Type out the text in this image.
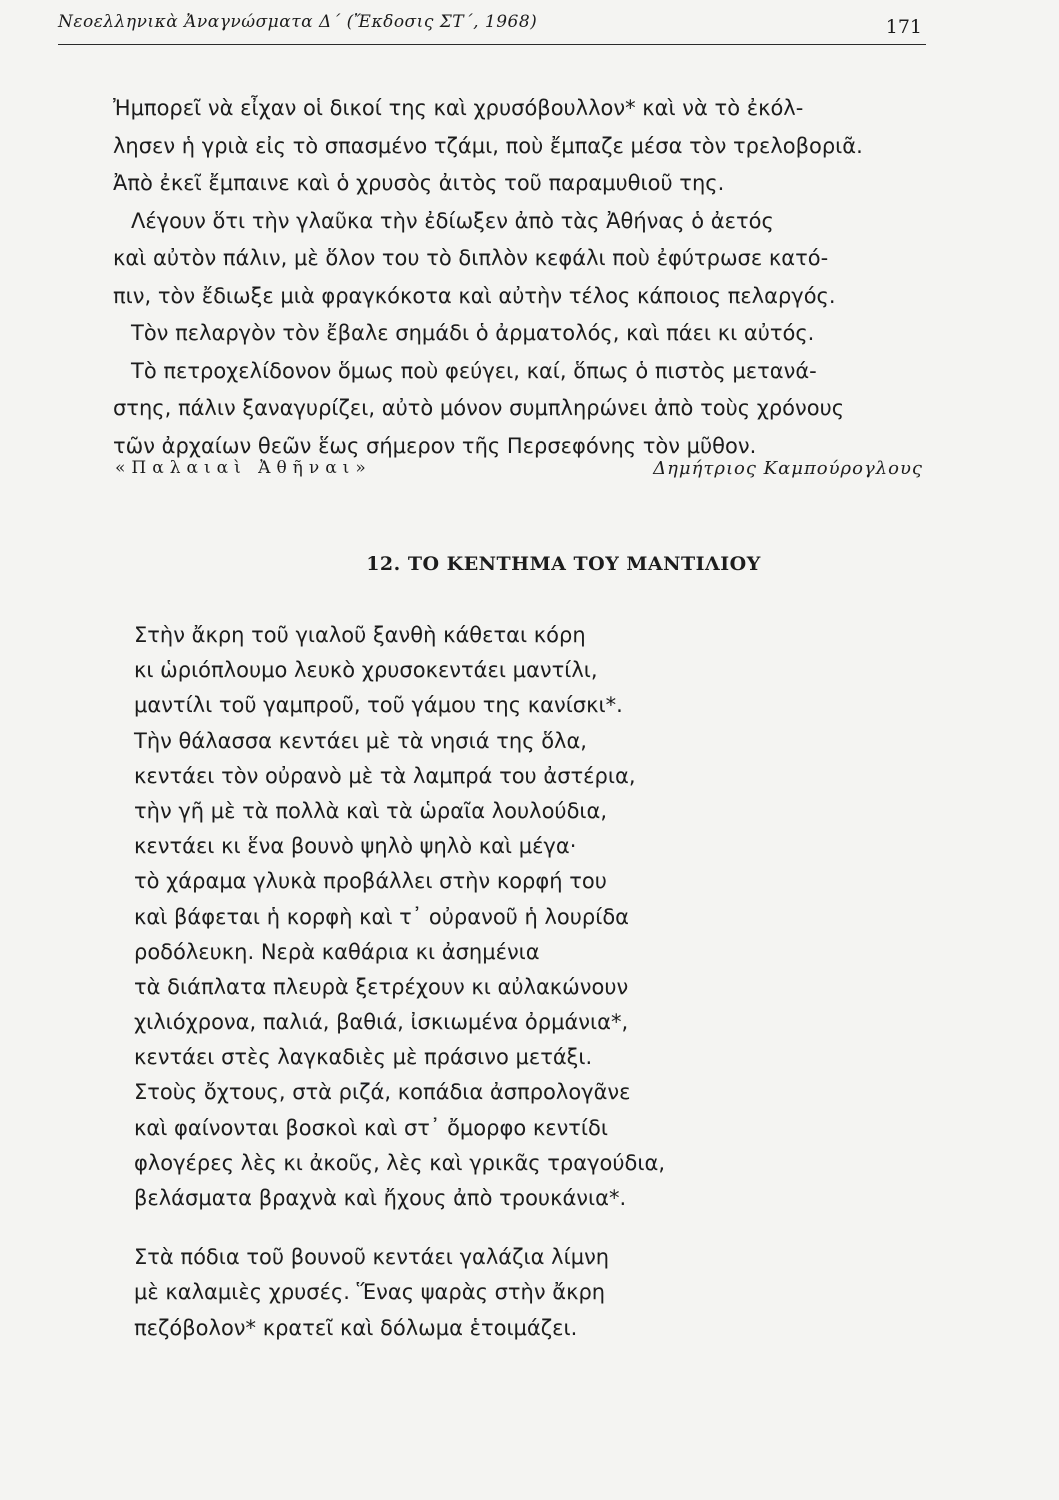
Νεοελληνικὰ Ἀναγνώσματα Δ΄ (Ἔκδοσις ΣΤ΄, 1968)	171

Ἠμπορεῖ νὰ εἶχαν οἱ δικοί της καὶ χρυσόβουλλον* καὶ νὰ τὸ ἐκόλ-
λησεν ἡ γριὰ εἰς τὸ σπασμένο τζάμι, ποὺ ἔμπαζε μέσα τὸν τρελοβοριᾶ.
Ἀπὸ ἐκεῖ ἔμπαινε καὶ ὁ χρυσὸς ἀιτὸς τοῦ παραμυθιοῦ της.

Λέγουν ὅτι τὴν γλαῦκα τὴν ἐδίωξεν ἀπὸ τὰς Ἀθήνας ὁ ἀετός
καὶ αὐτὸν πάλιν, μὲ ὅλον του τὸ διπλὸν κεφάλι ποὺ ἐφύτρωσε κατό-
πιν, τὸν ἔδιωξε μιὰ φραγκόκοτα καὶ αὐτὴν τέλος κάποιος πελαργός.

Τὸν πελαργὸν τὸν ἔβαλε σημάδι ὁ ἀρματολός, καὶ πάει κι αὐτός.

Τὸ πετροχελίδονον ὅμως ποὺ φεύγει, καί, ὅπως ὁ πιστὸς μετανά-
στης, πάλιν ξαναγυρίζει, αὐτὸ μόνον συμπληρώνει ἀπὸ τοὺς χρόνους
τῶν ἀρχαίων θεῶν ἕως σήμερον τῆς Περσεφόνης τὸν μῦθον.

«Παλαιαὶ Ἀθῆναι»	Δημήτριος Καμπούρογλους
12. ΤΟ ΚΕΝΤΗΜΑ ΤΟΥ ΜΑΝΤΙΛΙΟΥ
Στὴν ἄκρη τοῦ γιαλοῦ ξανθὴ κάθεται κόρη
κι ὡριόπλουμο λευκὸ χρυσοκεντάει μαντίλι,
μαντίλι τοῦ γαμπροῦ, τοῦ γάμου της κανίσκι*.
Τὴν θάλασσα κεντάει μὲ τὰ νησιά της ὅλα,
κεντάει τὸν οὐρανὸ μὲ τὰ λαμπρά του ἀστέρια,
τὴν γῆ μὲ τὰ πολλὰ καὶ τὰ ὡραῖα λουλούδια,
κεντάει κι ἕνα βουνὸ ψηλὸ ψηλὸ καὶ μέγα·
τὸ χάραμα γλυκὰ προβάλλει στὴν κορφή του
καὶ βάφεται ἡ κορφὴ καὶ τ᾿ οὐρανοῦ ἡ λουρίδα
ροδόλευκη. Νερὰ καθάρια κι ἀσημένια
τὰ διάπλατα πλευρὰ ξετρέχουν κι αὐλακώνουν
χιλιόχρονα, παλιά, βαθιά, ἰσκιωμένα ὀρμάνια*,
κεντάει στὲς λαγκαδιὲς μὲ πράσινο μετάξι.
Στοὺς ὄχτους, στὰ ριζά, κοπάδια ἀσπρολογᾶνε
καὶ φαίνονται βοσκοὶ καὶ στ᾿ ὄμορφο κεντίδι
φλογέρες λὲς κι ἀκοῦς, λὲς καὶ γρικᾶς τραγούδια,
βελάσματα βραχνὰ καὶ ἤχους ἀπὸ τρουκάνια*.
Στὰ πόδια τοῦ βουνοῦ κεντάει γαλάζια λίμνη
μὲ καλαμιὲς χρυσές. Ἕνας ψαρὰς στὴν ἄκρη
πεζόβολον* κρατεῖ καὶ δόλωμα ἑτοιμάζει.
